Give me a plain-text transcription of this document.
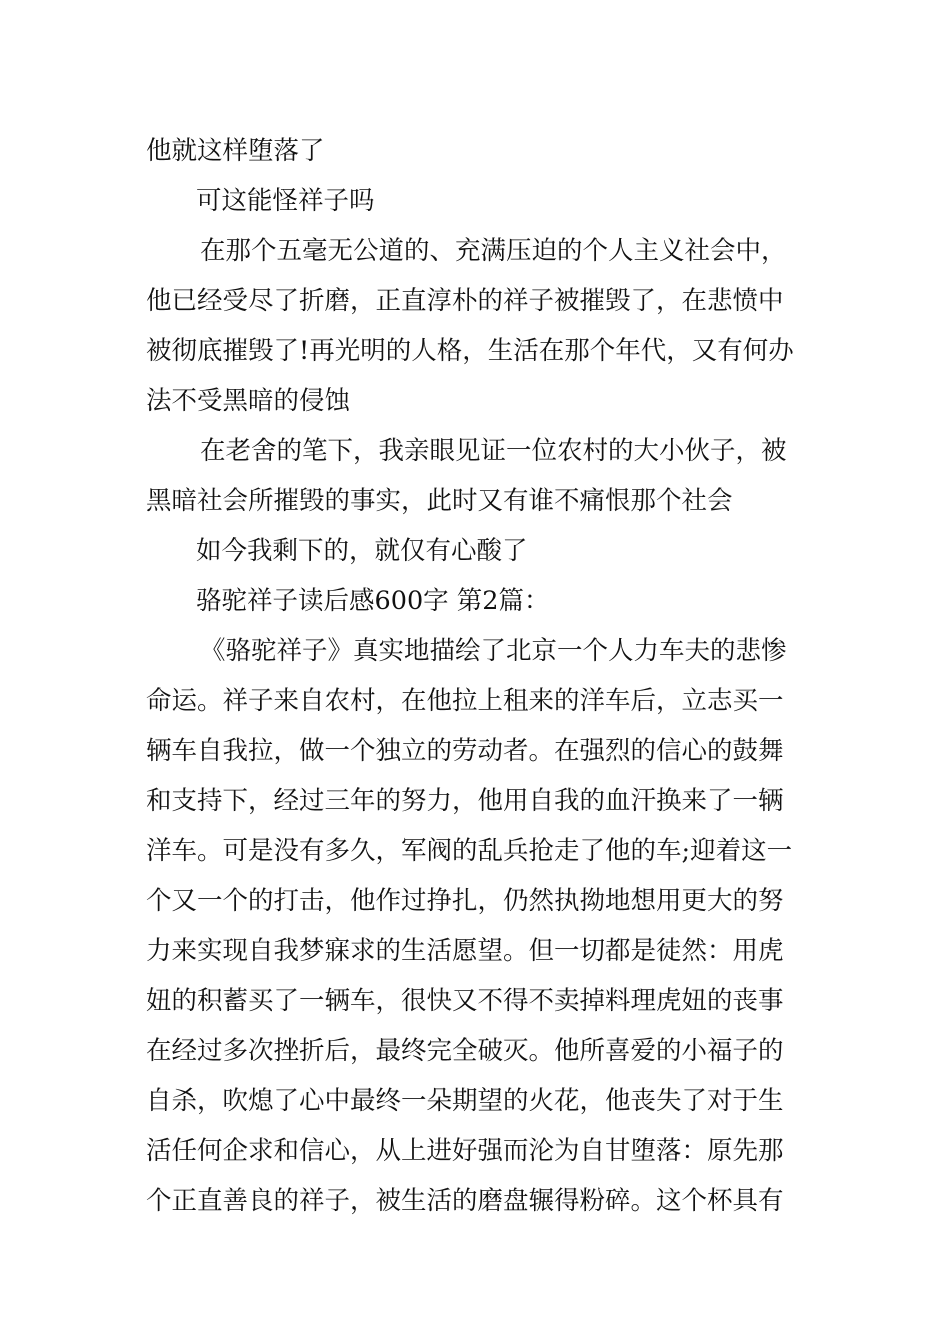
他就这样堕落了
可这能怪祥子吗
在那个五毫无公道的、充满压迫的个人主义社会中，
他已经受尽了折磨，正直淳朴的祥子被摧毁了，在悲愤中
被彻底摧毁了!再光明的人格，生活在那个年代，又有何办
法不受黑暗的侵蚀
在老舍的笔下，我亲眼见证一位农村的大小伙子，被
黑暗社会所摧毁的事实，此时又有谁不痛恨那个社会
如今我剩下的，就仅有心酸了
骆驼祥子读后感600字 第2篇：
《骆驼祥子》真实地描绘了北京一个人力车夫的悲惨
命运。祥子来自农村，在他拉上租来的洋车后，立志买一
辆车自我拉，做一个独立的劳动者。在强烈的信心的鼓舞
和支持下，经过三年的努力，他用自我的血汗换来了一辆
洋车。可是没有多久，军阀的乱兵抢走了他的车;迎着这一
个又一个的打击，他作过挣扎，仍然执拗地想用更大的努
力来实现自我梦寐求的生活愿望。但一切都是徒然：用虎
妞的积蓄买了一辆车，很快又不得不卖掉料理虎妞的丧事
在经过多次挫折后，最终完全破灭。他所喜爱的小福子的
自杀，吹熄了心中最终一朵期望的火花，他丧失了对于生
活任何企求和信心，从上进好强而沦为自甘堕落：原先那
个正直善良的祥子，被生活的磨盘辗得粉碎。这个杯具有
